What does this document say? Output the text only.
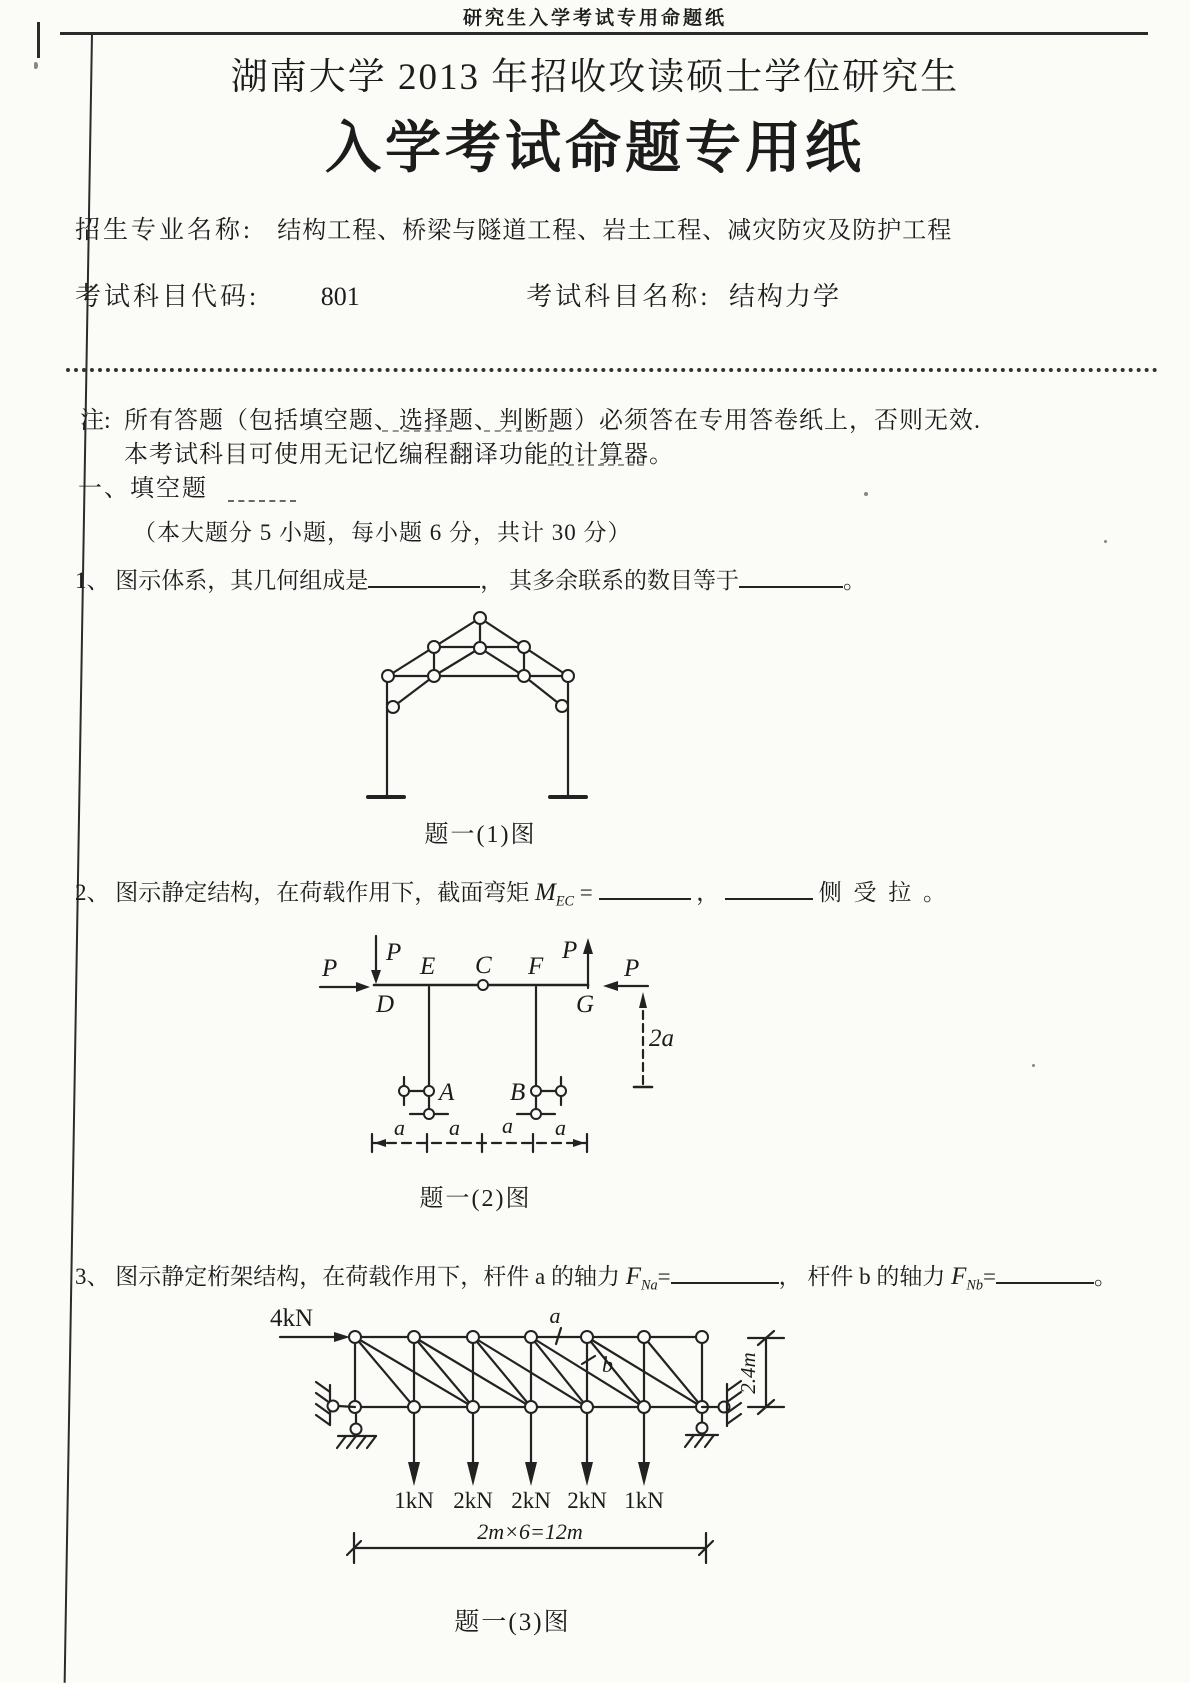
研究生入学考试专用命题纸
湖南大学 2013 年招收攻读硕士学位研究生
入学考试命题专用纸
招生专业名称: 结构工程、桥梁与隧道工程、岩土工程、减灾防灾及防护工程
考试科目代码: 801	考试科目名称: 结构力学
注: 所有答题（包括填空题、选择题、判断题）必须答在专用答卷纸上，否则无效.
本考试科目可使用无记忆编程翻译功能的计算器。
一、填空题
（本大题分 5 小题，每小题 6 分，共计 30 分）
1、 图示体系，其几何组成是	， 其多余联系的数目等于	。
题一(1)图
2、 图示静定结构，在荷载作用下，截面弯矩 $M_{EC}$ =	，	侧 受 拉 。
P
P
P
P
D
E C F
G
A B
2a
a a a a
题一(2)图
3、 图示静定桁架结构，在荷载作用下，杆件 a 的轴力 $F_{Na}=$	， 杆件 b 的轴力 $F_{Nb}=$	。
4kN	a
b	2.4m
1kN 2kN 2kN 2kN 1kN
2m×6=12m
题一(3)图
